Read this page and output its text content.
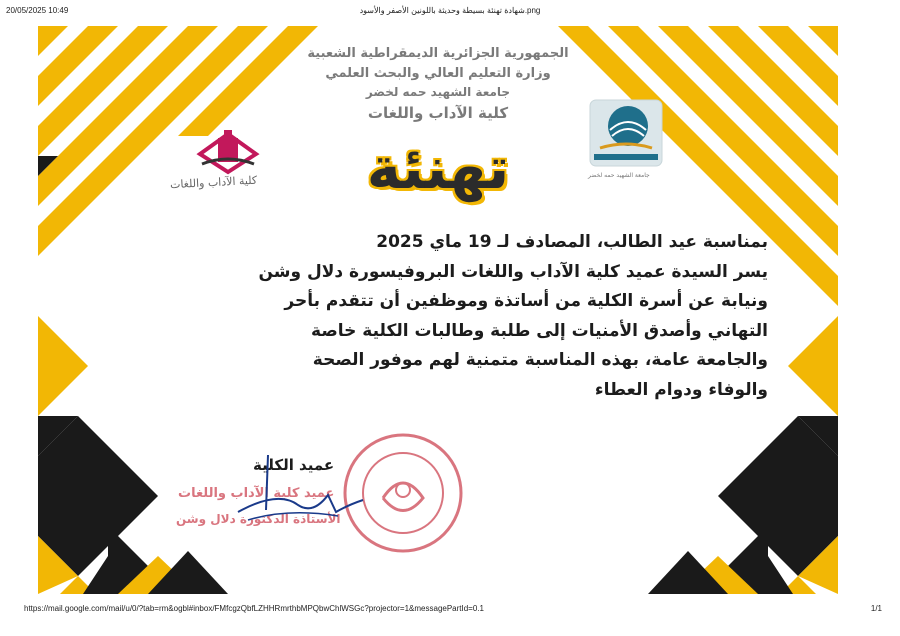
20/05/2025 10:49	شهادة تهنئة بسيطة وحديثة باللونين الأصفر والأسود.png
كلية الآداب واللغات	جامعة الشهيد حمه لخضر
الجمهورية الجزائرية الديمقراطية الشعبية
وزارة التعليم العالي والبحث العلمي
جامعة الشهيد حمه لخضر
كلية الآداب واللغات
تهنئة
بمناسبة عيد الطالب، المصادف لـ 19 ماي 2025
يسر السيدة عميد كلية الآداب واللغات البروفيسورة دلال وشن
ونيابة عن أسرة الكلية من أساتذة وموظفين أن تتقدم بأحر
التهاني وأصدق الأمنيات إلى طلبة وطالبات الكلية خاصة
والجامعة عامة، بهذه المناسبة متمنية لهم موفور الصحة
والوفاء ودوام العطاء
عميد الكلية
عميد كلية الآداب واللغات
الأستاذة الدكتورة دلال وشن
https://mail.google.com/mail/u/0/?tab=rm&ogbl#inbox/FMfcgzQbfLZHHRmrthbMPQbwChlWSGc?projector=1&messagePartId=0.1	1/1
